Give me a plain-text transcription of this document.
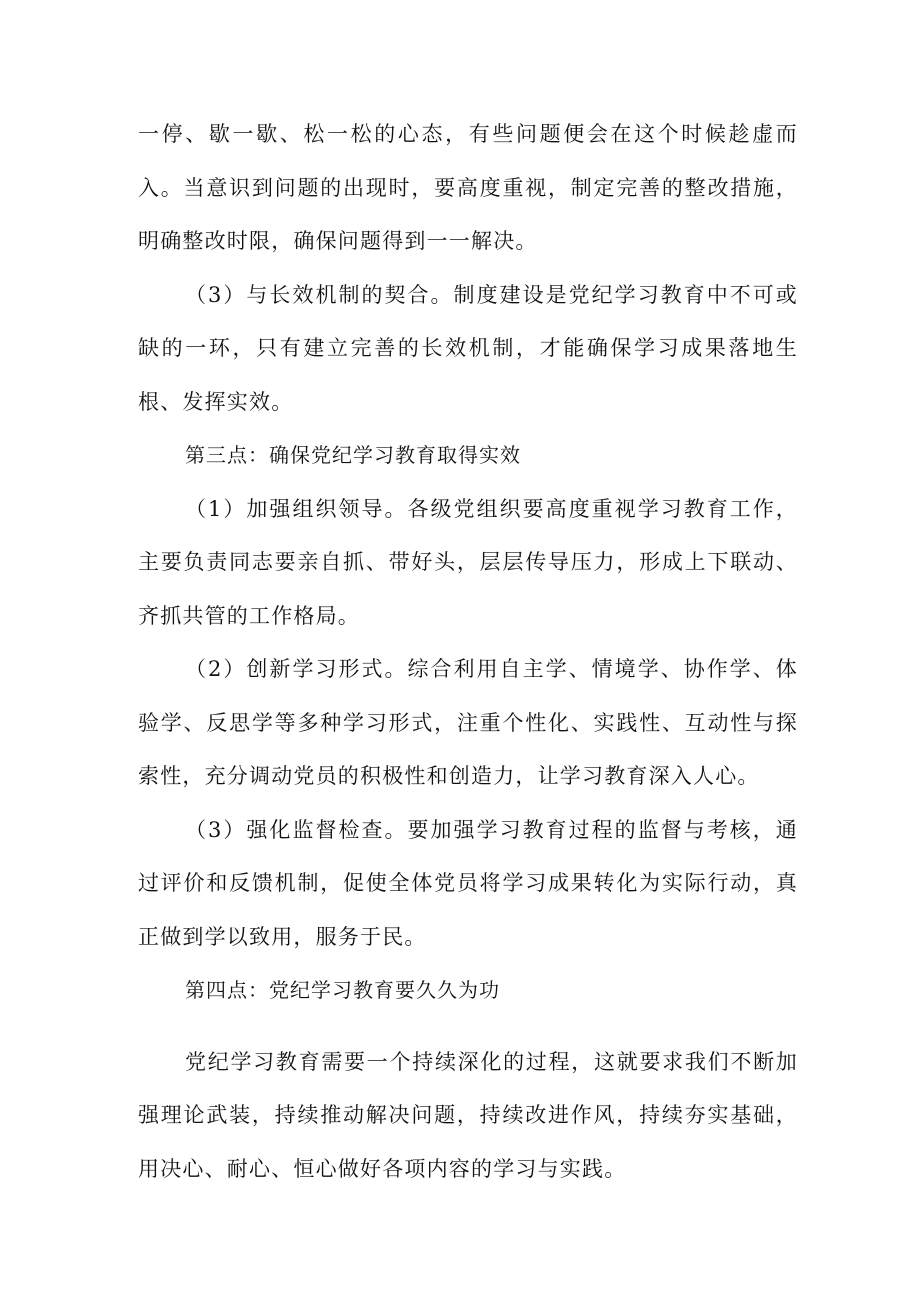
一停、歇一歇、松一松的心态，有些问题便会在这个时候趁虚而入。当意识到问题的出现时，要高度重视，制定完善的整改措施，明确整改时限，确保问题得到一一解决。

（3）与长效机制的契合。制度建设是党纪学习教育中不可或缺的一环，只有建立完善的长效机制，才能确保学习成果落地生根、发挥实效。

第三点：确保党纪学习教育取得实效

（1）加强组织领导。各级党组织要高度重视学习教育工作，主要负责同志要亲自抓、带好头，层层传导压力，形成上下联动、齐抓共管的工作格局。

（2）创新学习形式。综合利用自主学、情境学、协作学、体验学、反思学等多种学习形式，注重个性化、实践性、互动性与探索性，充分调动党员的积极性和创造力，让学习教育深入人心。

（3）强化监督检查。要加强学习教育过程的监督与考核，通过评价和反馈机制，促使全体党员将学习成果转化为实际行动，真正做到学以致用，服务于民。

第四点：党纪学习教育要久久为功

党纪学习教育需要一个持续深化的过程，这就要求我们不断加强理论武装，持续推动解决问题，持续改进作风，持续夯实基础，用决心、耐心、恒心做好各项内容的学习与实践。
